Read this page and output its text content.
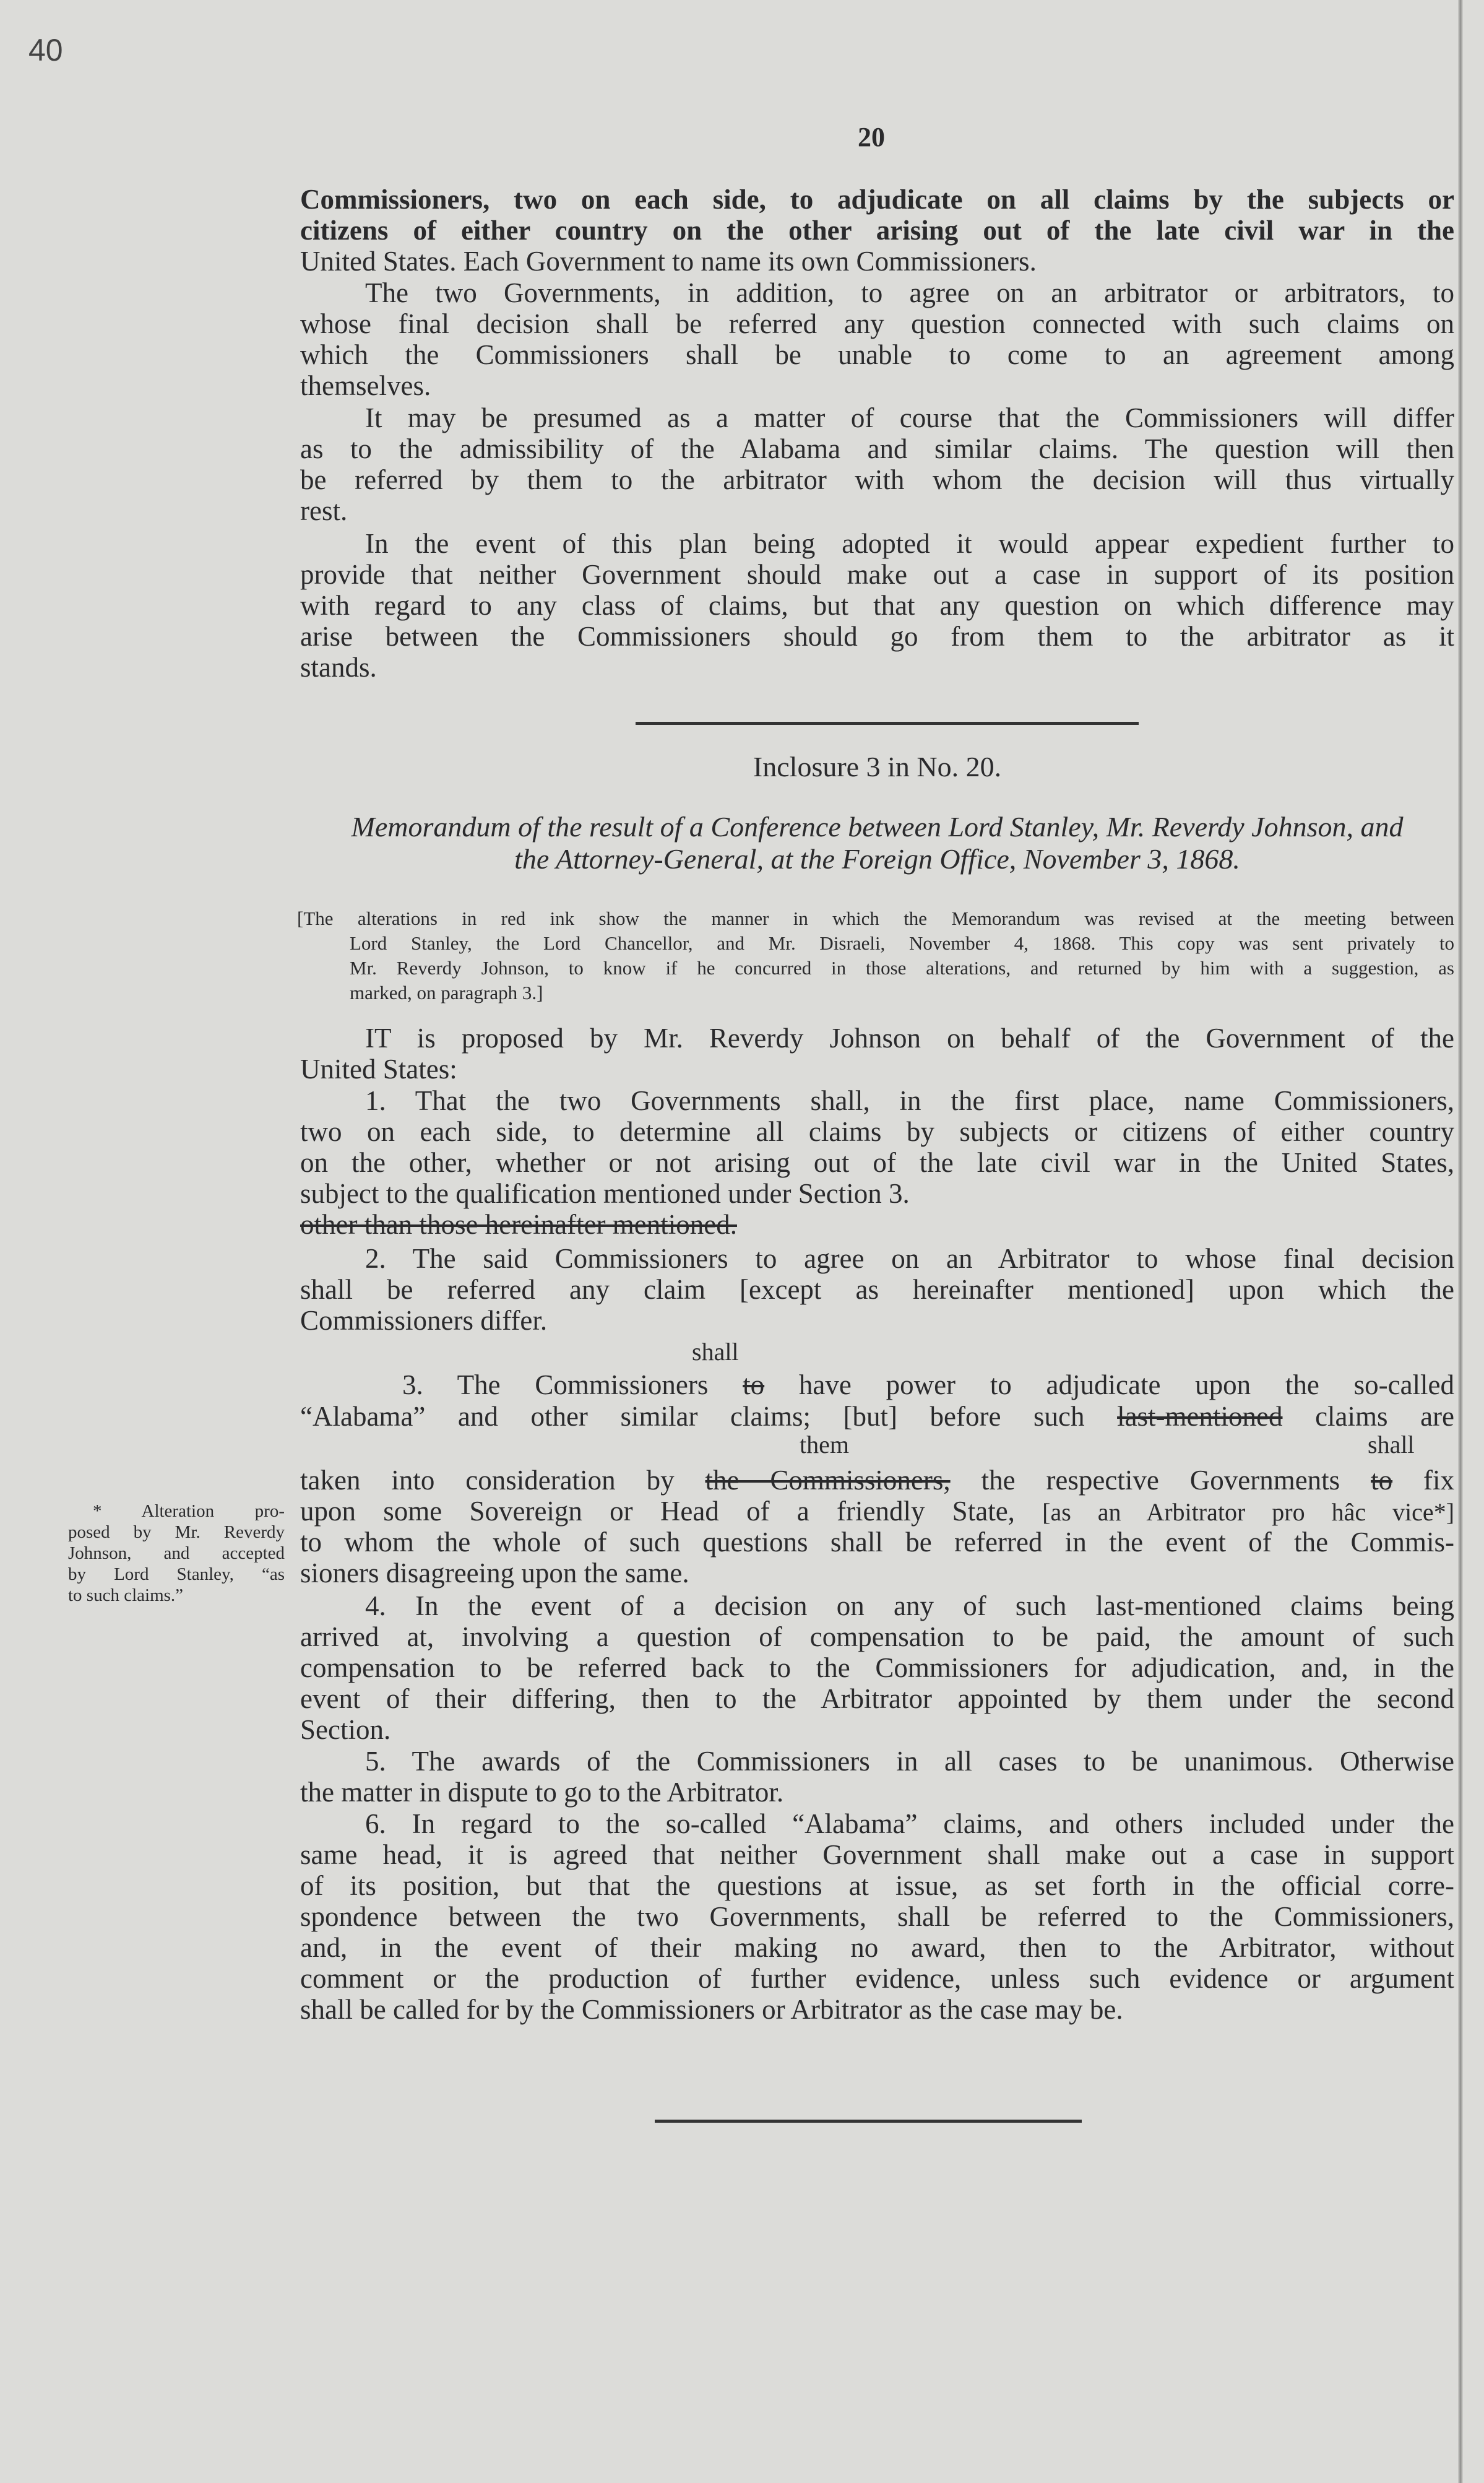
40
20
Commissioners, two on each side, to adjudicate on all claims by the subjects or
citizens of either country on the other arising out of the late civil war in the
United States. Each Government to name its own Commissioners.
The two Governments, in addition, to agree on an arbitrator or arbitrators, to
whose final decision shall be referred any question connected with such claims on
which the Commissioners shall be unable to come to an agreement among
themselves.
It may be presumed as a matter of course that the Commissioners will differ
as to the admissibility of the Alabama and similar claims. The question will then
be referred by them to the arbitrator with whom the decision will thus virtually
rest.
In the event of this plan being adopted it would appear expedient further to
provide that neither Government should make out a case in support of its position
with regard to any class of claims, but that any question on which difference may
arise between the Commissioners should go from them to the arbitrator as it
stands.
Inclosure 3 in No. 20.
Memorandum of the result of a Conference between Lord Stanley, Mr. Reverdy Johnson, and
the Attorney-General, at the Foreign Office, November 3, 1868.
[The alterations in red ink show the manner in which the Memorandum was revised at the meeting between
Lord Stanley, the Lord Chancellor, and Mr. Disraeli, November 4, 1868. This copy was sent privately to
Mr. Reverdy Johnson, to know if he concurred in those alterations, and returned by him with a suggestion, as
marked, on paragraph 3.]
IT is proposed by Mr. Reverdy Johnson on behalf of the Government of the
United States:
1. That the two Governments shall, in the first place, name Commissioners,
two on each side, to determine all claims by subjects or citizens of either country
on the other, whether or not arising out of the late civil war in the United States,
subject to the qualification mentioned under Section 3.
other than those hereinafter mentioned.
2. The said Commissioners to agree on an Arbitrator to whose final decision
shall be referred any claim [except as hereinafter mentioned] upon which the
Commissioners differ.
shall
3. The Commissioners to have power to adjudicate upon the so-called
“Alabama” and other similar claims; [but] before such last-mentioned claims are
them	shall
taken into consideration by the Commissioners, the respective Governments to fix
upon some Sovereign or Head of a friendly State, [as an Arbitrator pro hâc vice*]
to whom the whole of such questions shall be referred in the event of the Commis-
sioners disagreeing upon the same.
* Alteration pro-
posed by Mr. Reverdy
Johnson, and accepted
by Lord Stanley, “as
to such claims.”	4. In the event of a decision on any of such last-mentioned claims being
arrived at, involving a question of compensation to be paid, the amount of such
compensation to be referred back to the Commissioners for adjudication, and, in the
event of their differing, then to the Arbitrator appointed by them under the second
Section.
5. The awards of the Commissioners in all cases to be unanimous. Otherwise
the matter in dispute to go to the Arbitrator.
6. In regard to the so-called “Alabama” claims, and others included under the
same head, it is agreed that neither Government shall make out a case in support
of its position, but that the questions at issue, as set forth in the official corre-
spondence between the two Governments, shall be referred to the Commissioners,
and, in the event of their making no award, then to the Arbitrator, without
comment or the production of further evidence, unless such evidence or argument
shall be called for by the Commissioners or Arbitrator as the case may be.
